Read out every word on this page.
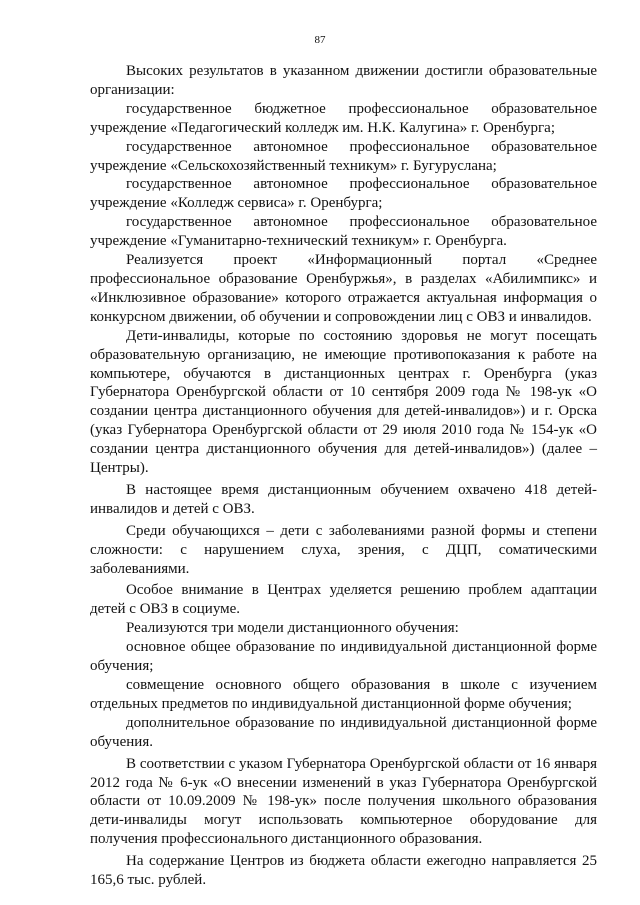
87

Высоких результатов в указанном движении достигли образовательные организации:

государственное бюджетное профессиональное образовательное учреждение «Педагогический колледж им. Н.К. Калугина» г. Оренбурга;

государственное автономное профессиональное образовательное учреждение «Сельскохозяйственный техникум» г. Бугуруслана;

государственное автономное профессиональное образовательное учреждение «Колледж сервиса» г. Оренбурга;

государственное автономное профессиональное образовательное учреждение «Гуманитарно-технический техникум» г. Оренбурга.

Реализуется проект «Информационный портал «Среднее профессиональное образование Оренбуржья», в разделах «Абилимпикс» и «Инклюзивное образование» которого отражается актуальная информация о конкурсном движении, об обучении и сопровождении лиц с ОВЗ и инвалидов.

Дети-инвалиды, которые по состоянию здоровья не могут посещать образовательную организацию, не имеющие противопоказания к работе на компьютере, обучаются в дистанционных центрах г. Оренбурга (указ Губернатора Оренбургской области от 10 сентября 2009 года № 198-ук «О создании центра дистанционного обучения для детей-инвалидов») и г. Орска (указ Губернатора Оренбургской области от 29 июля 2010 года № 154-ук «О создании центра дистанционного обучения для детей-инвалидов») (далее – Центры).

В настоящее время дистанционным обучением охвачено 418 детей-инвалидов и детей с ОВЗ.

Среди обучающихся – дети с заболеваниями разной формы и степени сложности: с нарушением слуха, зрения, с ДЦП, соматическими заболеваниями.

Особое внимание в Центрах уделяется решению проблем адаптации детей с ОВЗ в социуме.

Реализуются три модели дистанционного обучения:

основное общее образование по индивидуальной дистанционной форме обучения;

совмещение основного общего образования в школе с изучением отдельных предметов по индивидуальной дистанционной форме обучения;

дополнительное образование по индивидуальной дистанционной форме обучения.

В соответствии с указом Губернатора Оренбургской области от 16 января 2012 года № 6-ук «О внесении изменений в указ Губернатора Оренбургской области от 10.09.2009 № 198-ук» после получения школьного образования дети-инвалиды могут использовать компьютерное оборудование для получения профессионального дистанционного образования.

На содержание Центров из бюджета области ежегодно направляется 25 165,6 тыс. рублей.
